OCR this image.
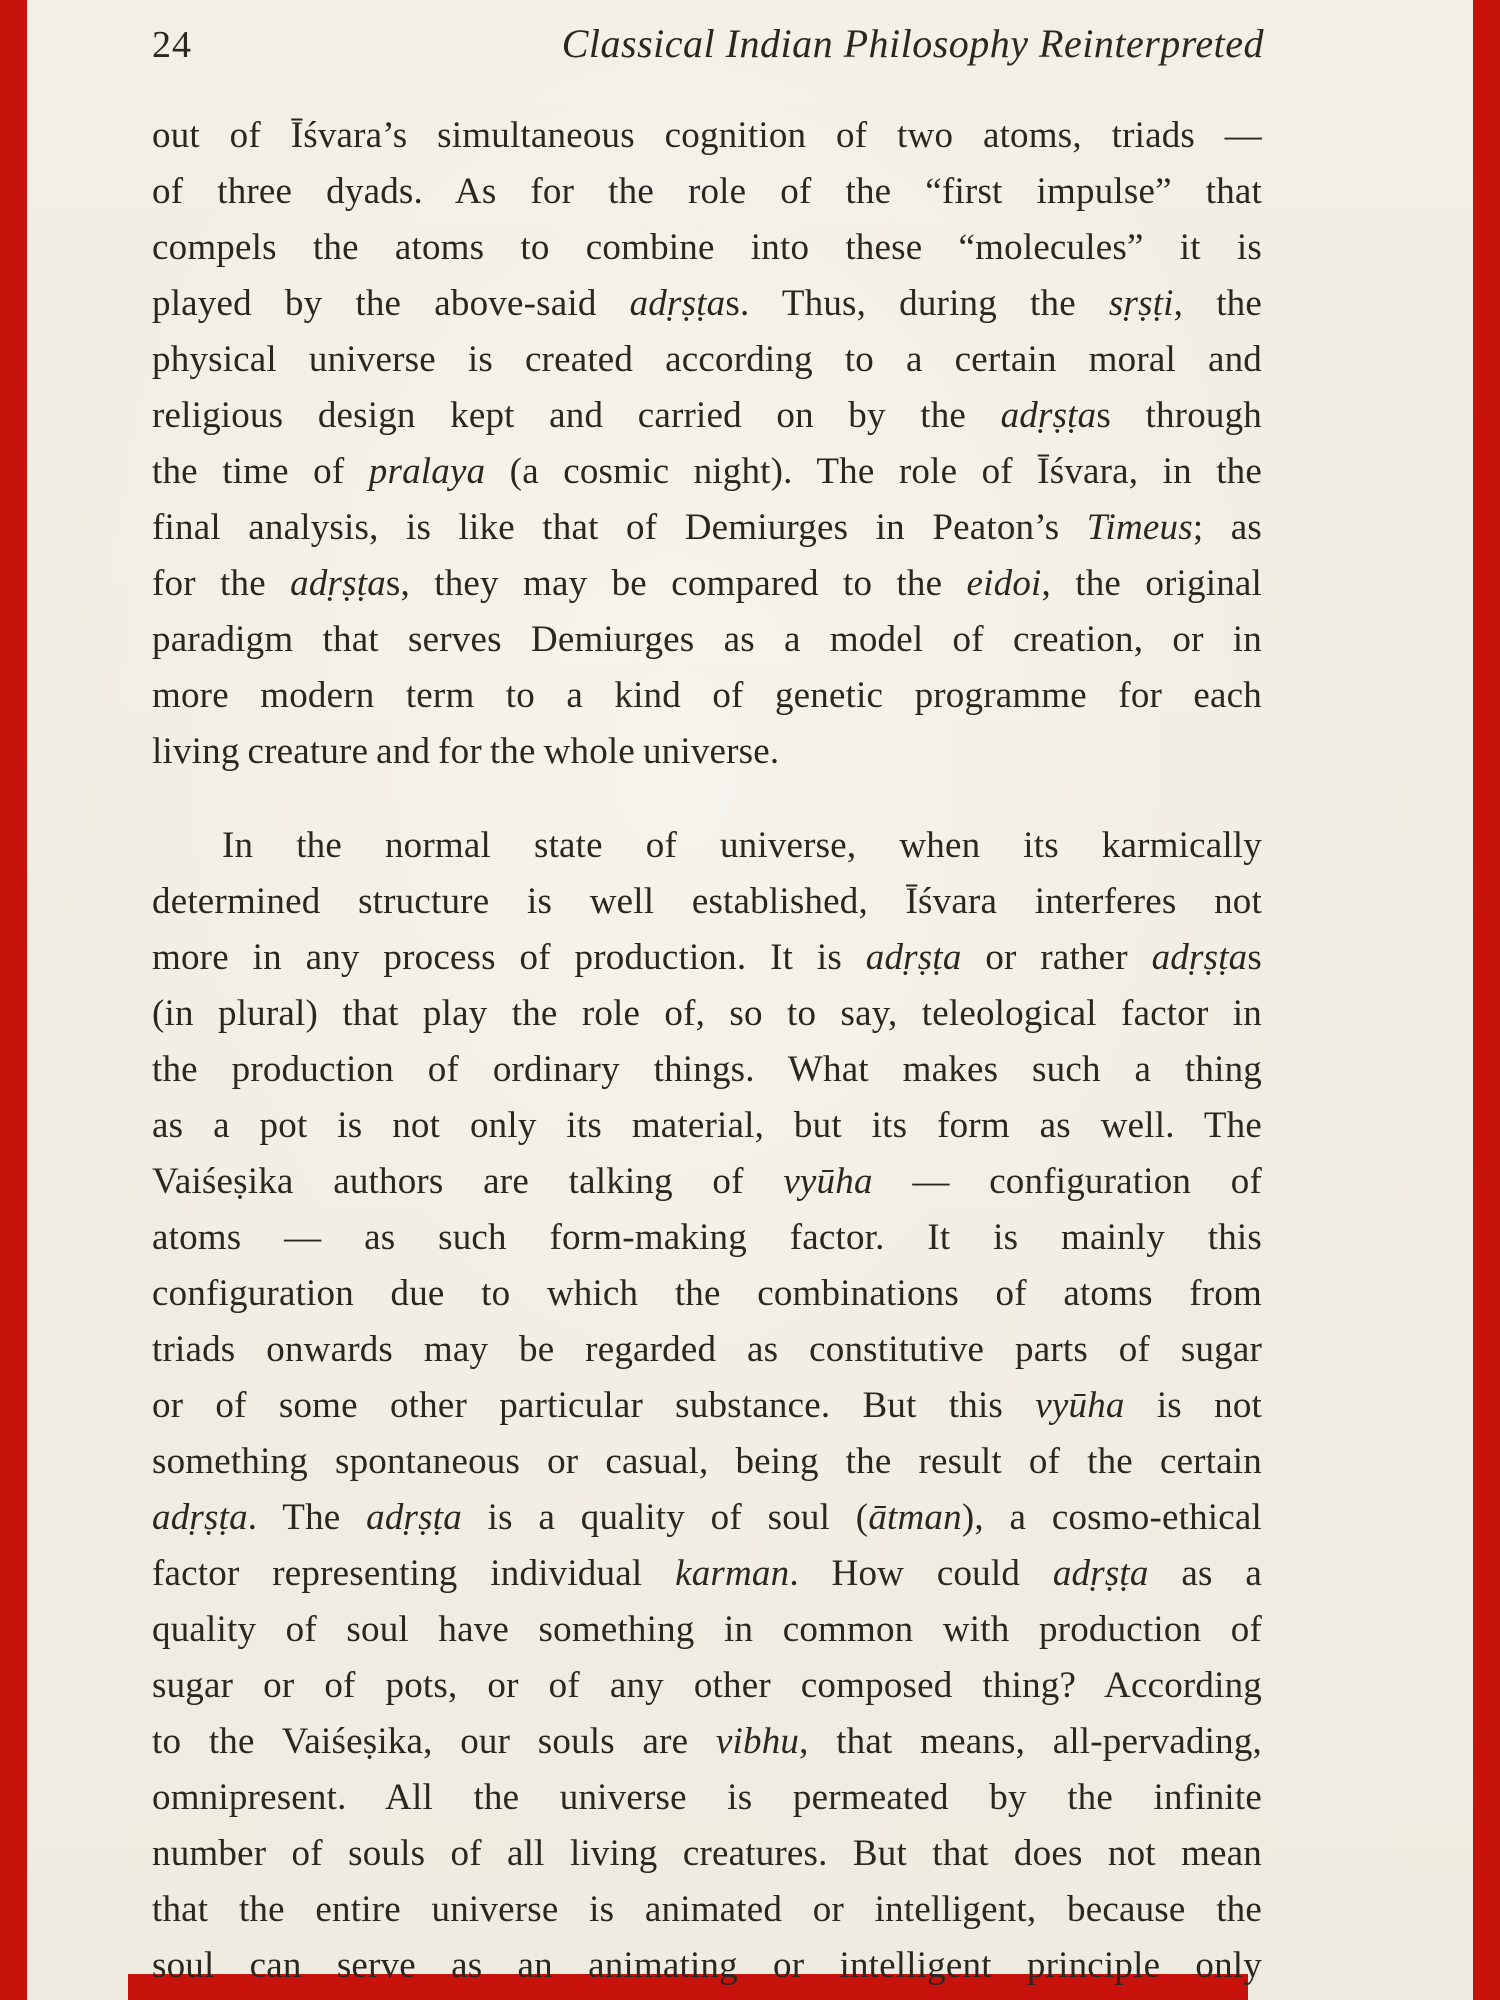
24	Classical Indian Philosophy Reinterpreted
out of Īśvara’s simultaneous cognition of two atoms, triads —
of three dyads. As for the role of the “first impulse” that
compels the atoms to combine into these “molecules” it is
played by the above-said adṛṣṭas. Thus, during the sṛṣṭi, the
physical universe is created according to a certain moral and
religious design kept and carried on by the adṛṣṭas through
the time of pralaya (a cosmic night). The role of Īśvara, in the
final analysis, is like that of Demiurges in Peaton’s Timeus; as
for the adṛṣṭas, they may be compared to the eidoi, the original
paradigm that serves Demiurges as a model of creation, or in
more modern term to a kind of genetic programme for each
living creature and for the whole universe.
In the normal state of universe, when its karmically
determined structure is well established, Īśvara interferes not
more in any process of production. It is adṛṣṭa or rather adṛṣṭas
(in plural) that play the role of, so to say, teleological factor in
the production of ordinary things. What makes such a thing
as a pot is not only its material, but its form as well. The
Vaiśeṣika authors are talking of vyūha — configuration of
atoms — as such form-making factor. It is mainly this
configuration due to which the combinations of atoms from
triads onwards may be regarded as constitutive parts of sugar
or of some other particular substance. But this vyūha is not
something spontaneous or casual, being the result of the certain
adṛṣṭa. The adṛṣṭa is a quality of soul (ātman), a cosmo-ethical
factor representing individual karman. How could adṛṣṭa as a
quality of soul have something in common with production of
sugar or of pots, or of any other composed thing? According
to the Vaiśeṣika, our souls are vibhu, that means, all-pervading,
omnipresent. All the universe is permeated by the infinite
number of souls of all living creatures. But that does not mean
that the entire universe is animated or intelligent, because the
soul can serve as an animating or intelligent principle only
